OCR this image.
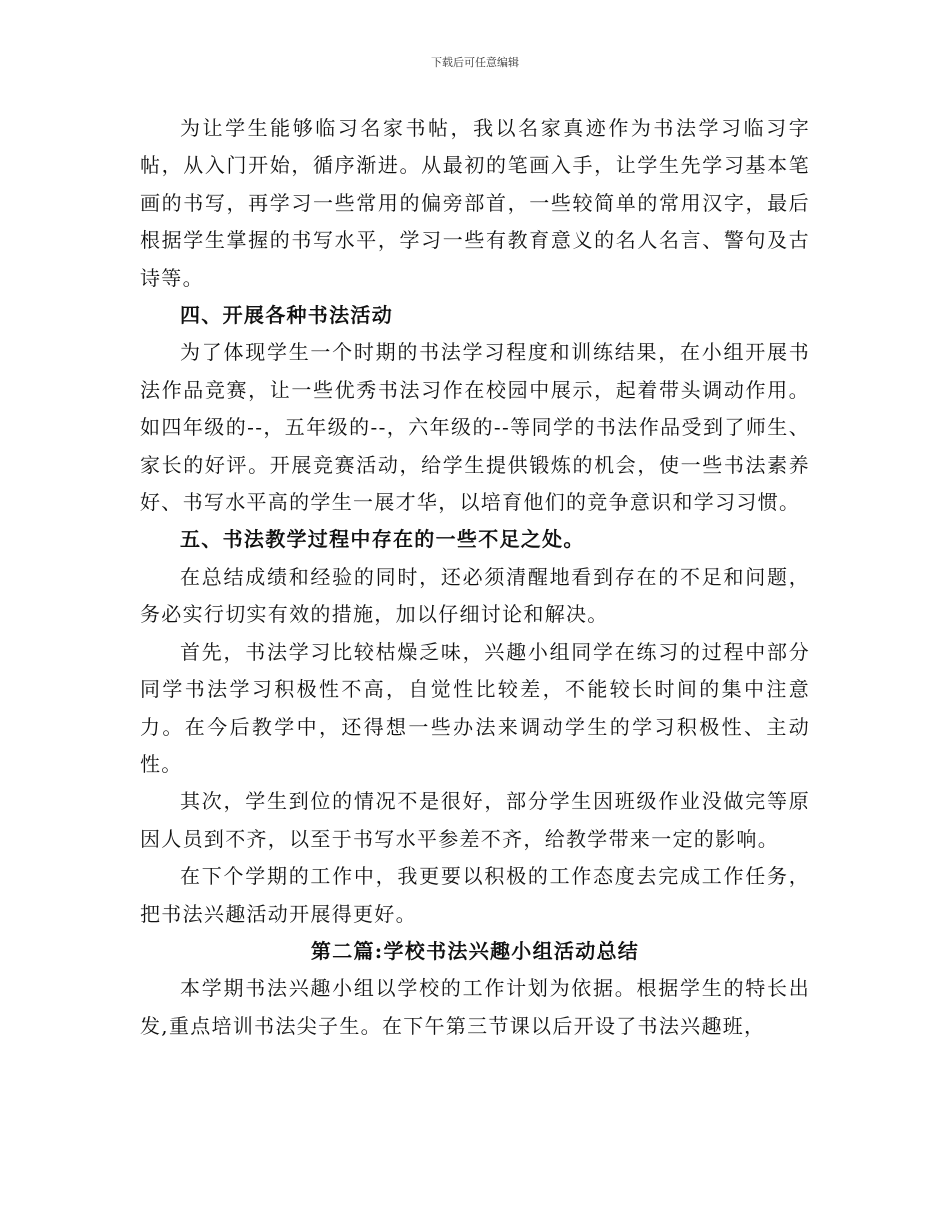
下载后可任意编辑

为让学生能够临习名家书帖，我以名家真迹作为书法学习临习字帖，从入门开始，循序渐进。从最初的笔画入手，让学生先学习基本笔画的书写，再学习一些常用的偏旁部首，一些较简单的常用汉字，最后根据学生掌握的书写水平，学习一些有教育意义的名人名言、警句及古诗等。

四、开展各种书法活动

为了体现学生一个时期的书法学习程度和训练结果，在小组开展书法作品竞赛，让一些优秀书法习作在校园中展示，起着带头调动作用。如四年级的--，五年级的--，六年级的--等同学的书法作品受到了师生、家长的好评。开展竞赛活动，给学生提供锻炼的机会，使一些书法素养好、书写水平高的学生一展才华，以培育他们的竞争意识和学习习惯。

五、书法教学过程中存在的一些不足之处。

在总结成绩和经验的同时，还必须清醒地看到存在的不足和问题，务必实行切实有效的措施，加以仔细讨论和解决。

首先，书法学习比较枯燥乏味，兴趣小组同学在练习的过程中部分同学书法学习积极性不高，自觉性比较差，不能较长时间的集中注意力。在今后教学中，还得想一些办法来调动学生的学习积极性、主动性。

其次，学生到位的情况不是很好，部分学生因班级作业没做完等原因人员到不齐，以至于书写水平参差不齐，给教学带来一定的影响。

在下个学期的工作中，我更要以积极的工作态度去完成工作任务，把书法兴趣活动开展得更好。

第二篇:学校书法兴趣小组活动总结

本学期书法兴趣小组以学校的工作计划为依据。根据学生的特长出发,重点培训书法尖子生。在下午第三节课以后开设了书法兴趣班，
